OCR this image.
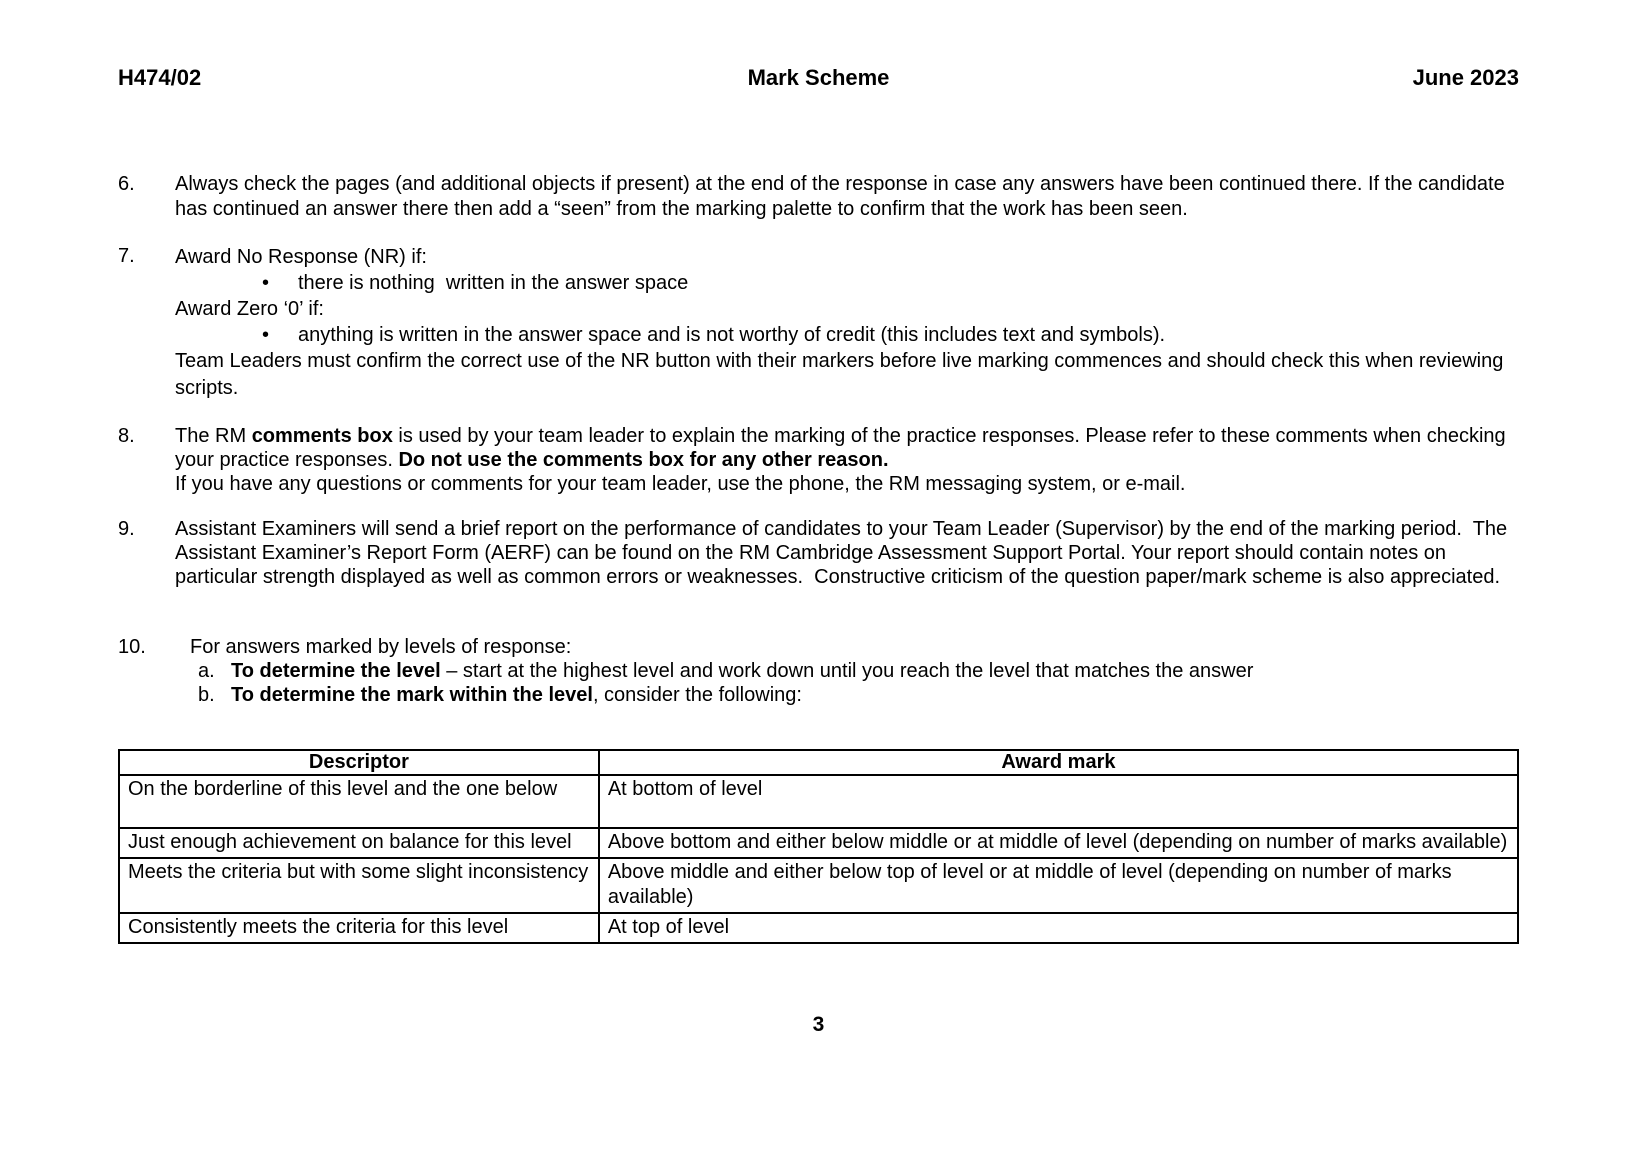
H474/02	Mark Scheme	June 2023
6.	Always check the pages (and additional objects if present) at the end of the response in case any answers have been continued there. If the candidate has continued an answer there then add a “seen” from the marking palette to confirm that the work has been seen.

7.	Award No Response (NR) if:
•	there is nothing  written in the answer space
Award Zero ‘0’ if:
•	anything is written in the answer space and is not worthy of credit (this includes text and symbols).

Team Leaders must confirm the correct use of the NR button with their markers before live marking commences and should check this when reviewing scripts.

8.	The RM comments box is used by your team leader to explain the marking of the practice responses. Please refer to these comments when checking your practice responses. Do not use the comments box for any other reason.

If you have any questions or comments for your team leader, use the phone, the RM messaging system, or e-mail.

9.	Assistant Examiners will send a brief report on the performance of candidates to your Team Leader (Supervisor) by the end of the marking period.  The Assistant Examiner’s Report Form (AERF) can be found on the RM Cambridge Assessment Support Portal. Your report should contain notes on particular strength displayed as well as common errors or weaknesses.  Constructive criticism of the question paper/mark scheme is also appreciated.

10.	For answers marked by levels of response:
a. To determine the level – start at the highest level and work down until you reach the level that matches the answer
b. To determine the mark within the level, consider the following:
Descriptor	Award mark
On the borderline of this level and the one below	At bottom of level
Just enough achievement on balance for this level	Above bottom and either below middle or at middle of level (depending on number of marks available)
Meets the criteria but with some slight inconsistency	Above middle and either below top of level or at middle of level (depending on number of marks available)
Consistently meets the criteria for this level	At top of level
3
